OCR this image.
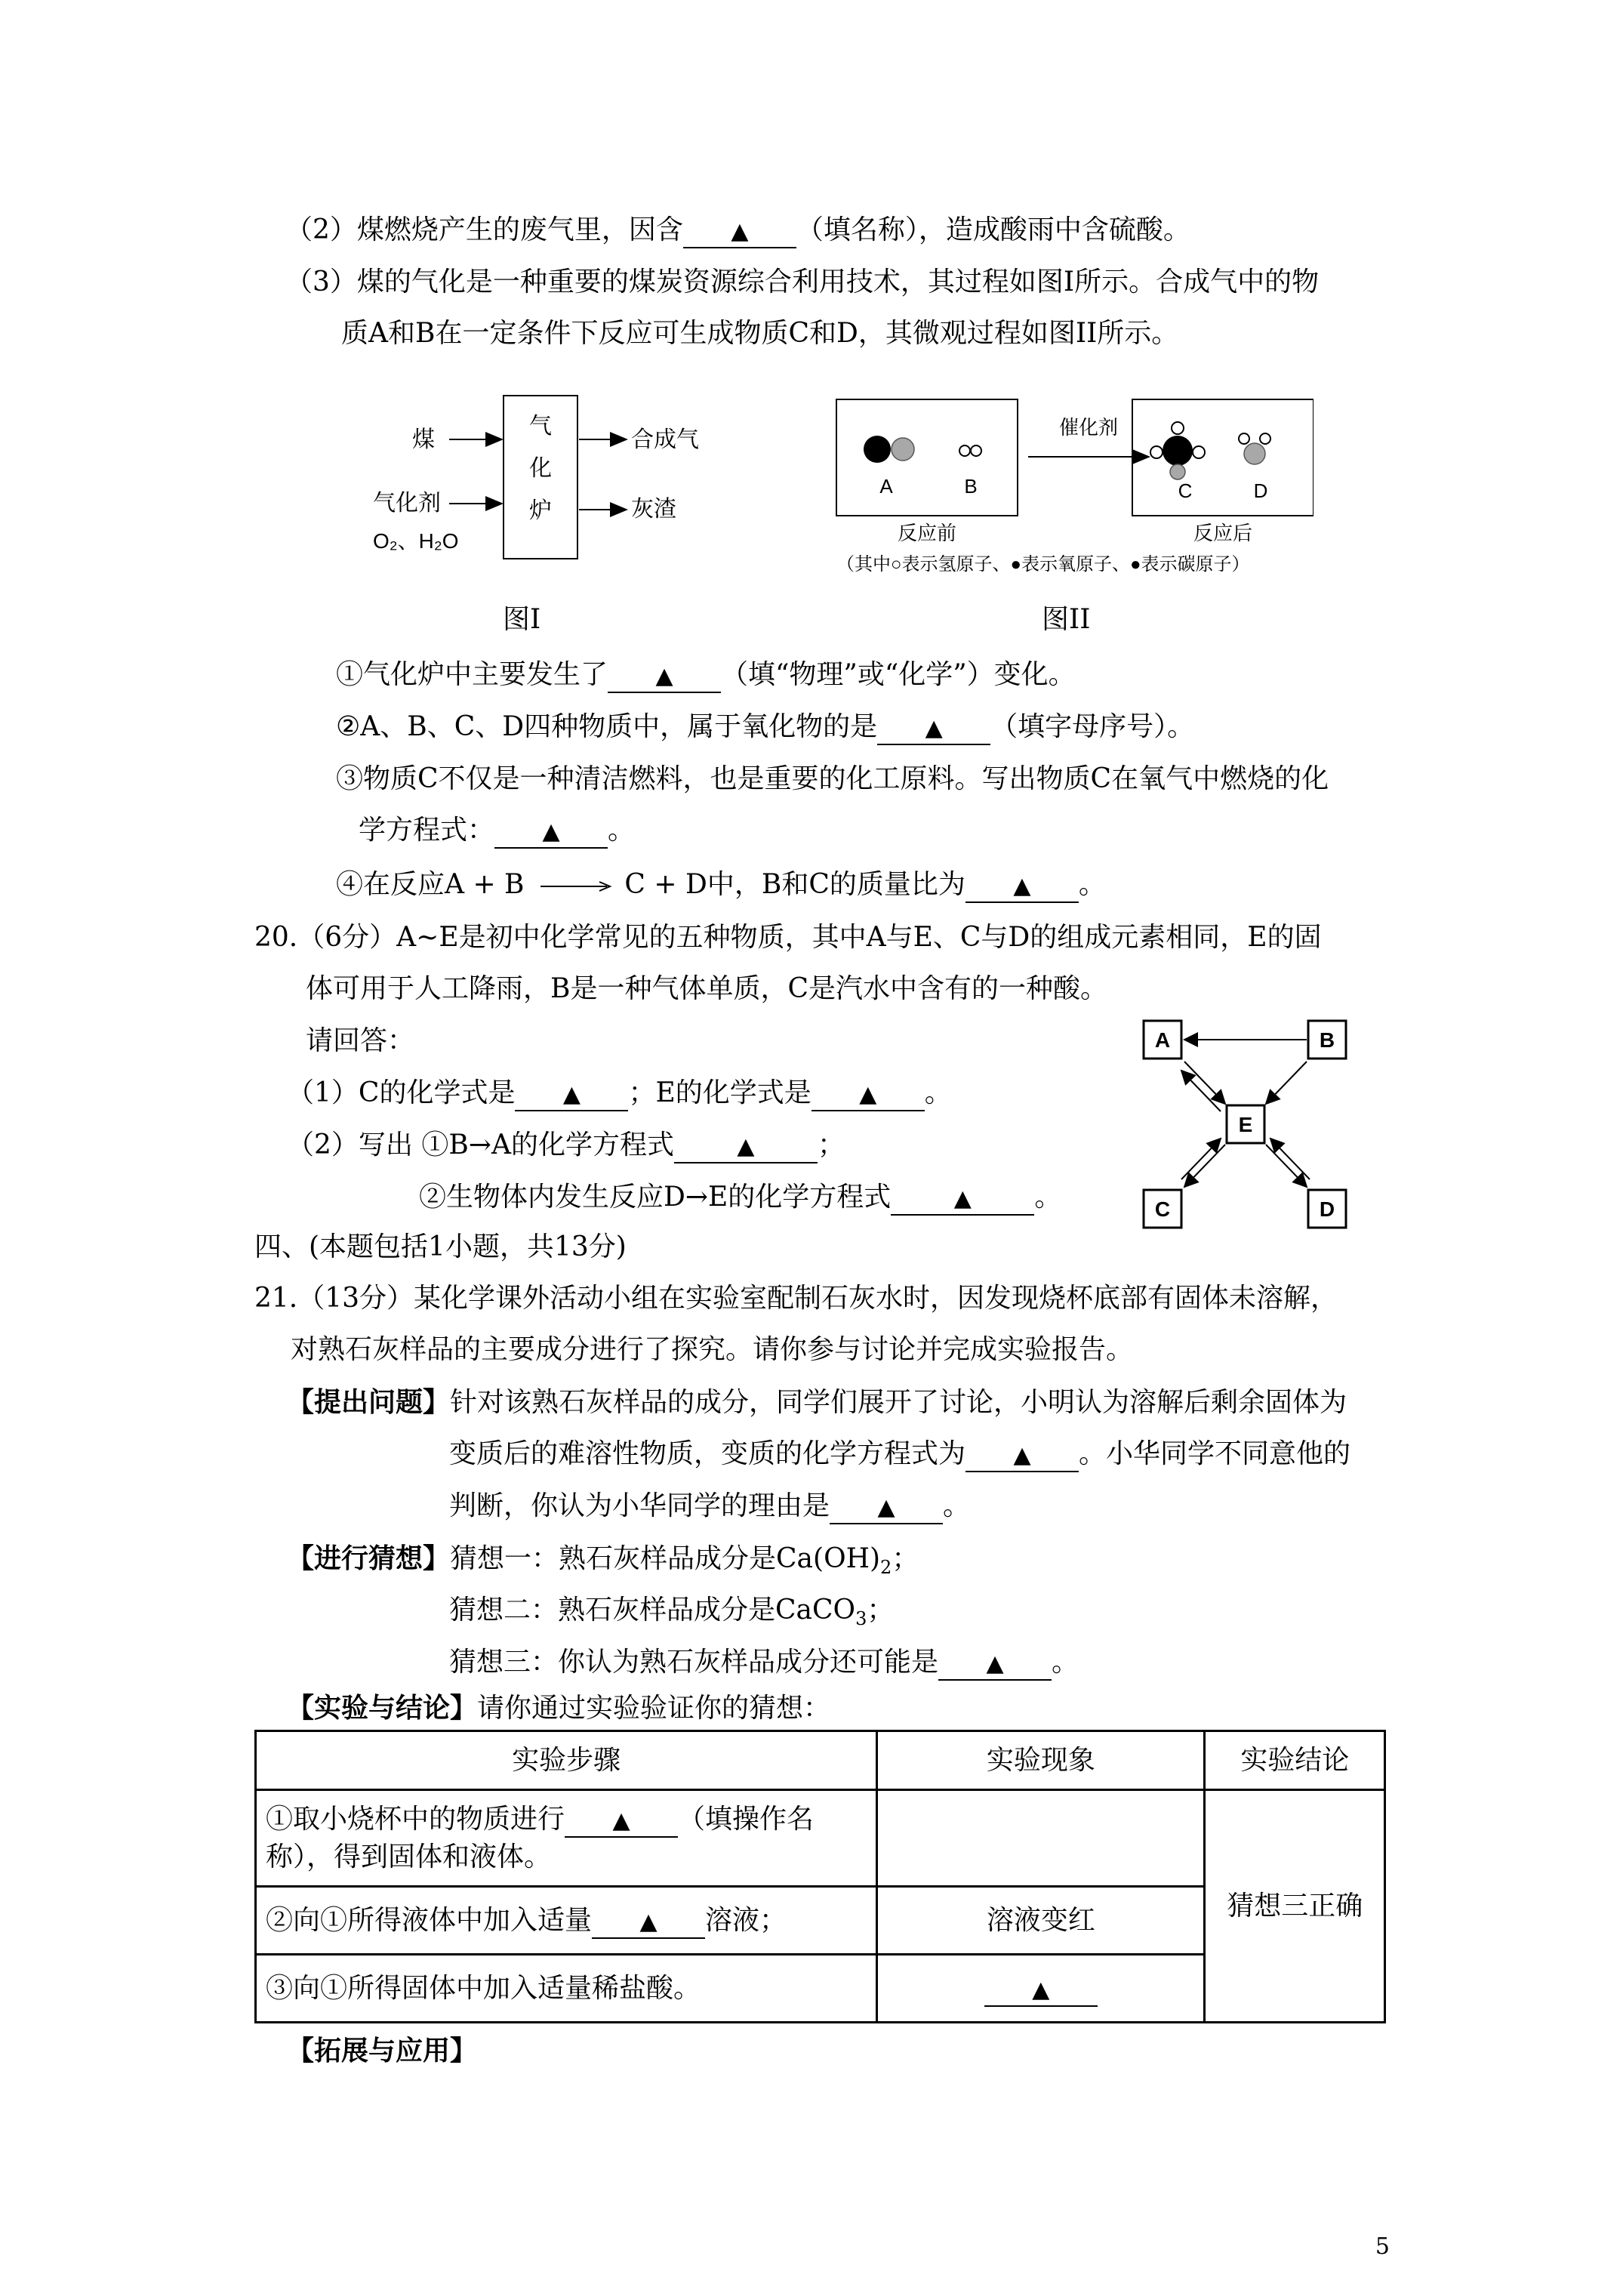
（2）煤燃烧产生的废气里，因含 ▲ （填名称），造成酸雨中含硫酸。
（3）煤的气化是一种重要的煤炭资源综合利用技术，其过程如图Ⅰ所示。合成气中的物
质A和B在一定条件下反应可生成物质C和D，其微观过程如图II所示。
气
化
炉
煤
气化剂
O₂、H₂O
合成气
灰渣
图Ⅰ
A	B
催化剂
C	D
反应前	反应后
（其中○表示氢原子、●表示氧原子、●表示碳原子）
图II
①气化炉中主要发生了 ▲ （填“物理”或“化学”）变化。
②A、B、C、D四种物质中，属于氧化物的是 ▲ （填字母序号）。
③物质C不仅是一种清洁燃料，也是重要的化工原料。写出物质C在氧气中燃烧的化
学方程式： ▲ 。
④在反应A + B → C + D中，B和C的质量比为 ▲ 。
20.（6分）A~E是初中化学常见的五种物质，其中A与E、C与D的组成元素相同，E的固
体可用于人工降雨，B是一种气体单质，C是汽水中含有的一种酸。
请回答：
（1）C的化学式是 ▲ ；E的化学式是 ▲ 。
（2）写出 ①B→A的化学方程式	▲ ；
②生物体内发生反应D→E的化学方程式	▲ 。
A	B
E
C	D
四、(本题包括1小题，共13分)
21.（13分）某化学课外活动小组在实验室配制石灰水时，因发现烧杯底部有固体未溶解，
对熟石灰样品的主要成分进行了探究。请你参与讨论并完成实验报告。
【提出问题】针对该熟石灰样品的成分，同学们展开了讨论，小明认为溶解后剩余固体为
变质后的难溶性物质，变质的化学方程式为 ▲ 。小华同学不同意他的
判断，你认为小华同学的理由是 ▲ 。
【进行猜想】猜想一：熟石灰样品成分是$Ca(OH)_2$；
猜想二：熟石灰样品成分是CaCO$_3$；
猜想三：你认为熟石灰样品成分还可能是 ▲ 。
【实验与结论】请你通过实验验证你的猜想：
实验步骤	实验现象	实验结论
①取小烧杯中的物质进行 ▲ （填操作名
称），得到固体和液体。		猜想三正确
②向①所得液体中加入适量 ▲ 溶液；	溶液变红	
③向①所得固体中加入适量稀盐酸。	▲	
【拓展与应用】
5
